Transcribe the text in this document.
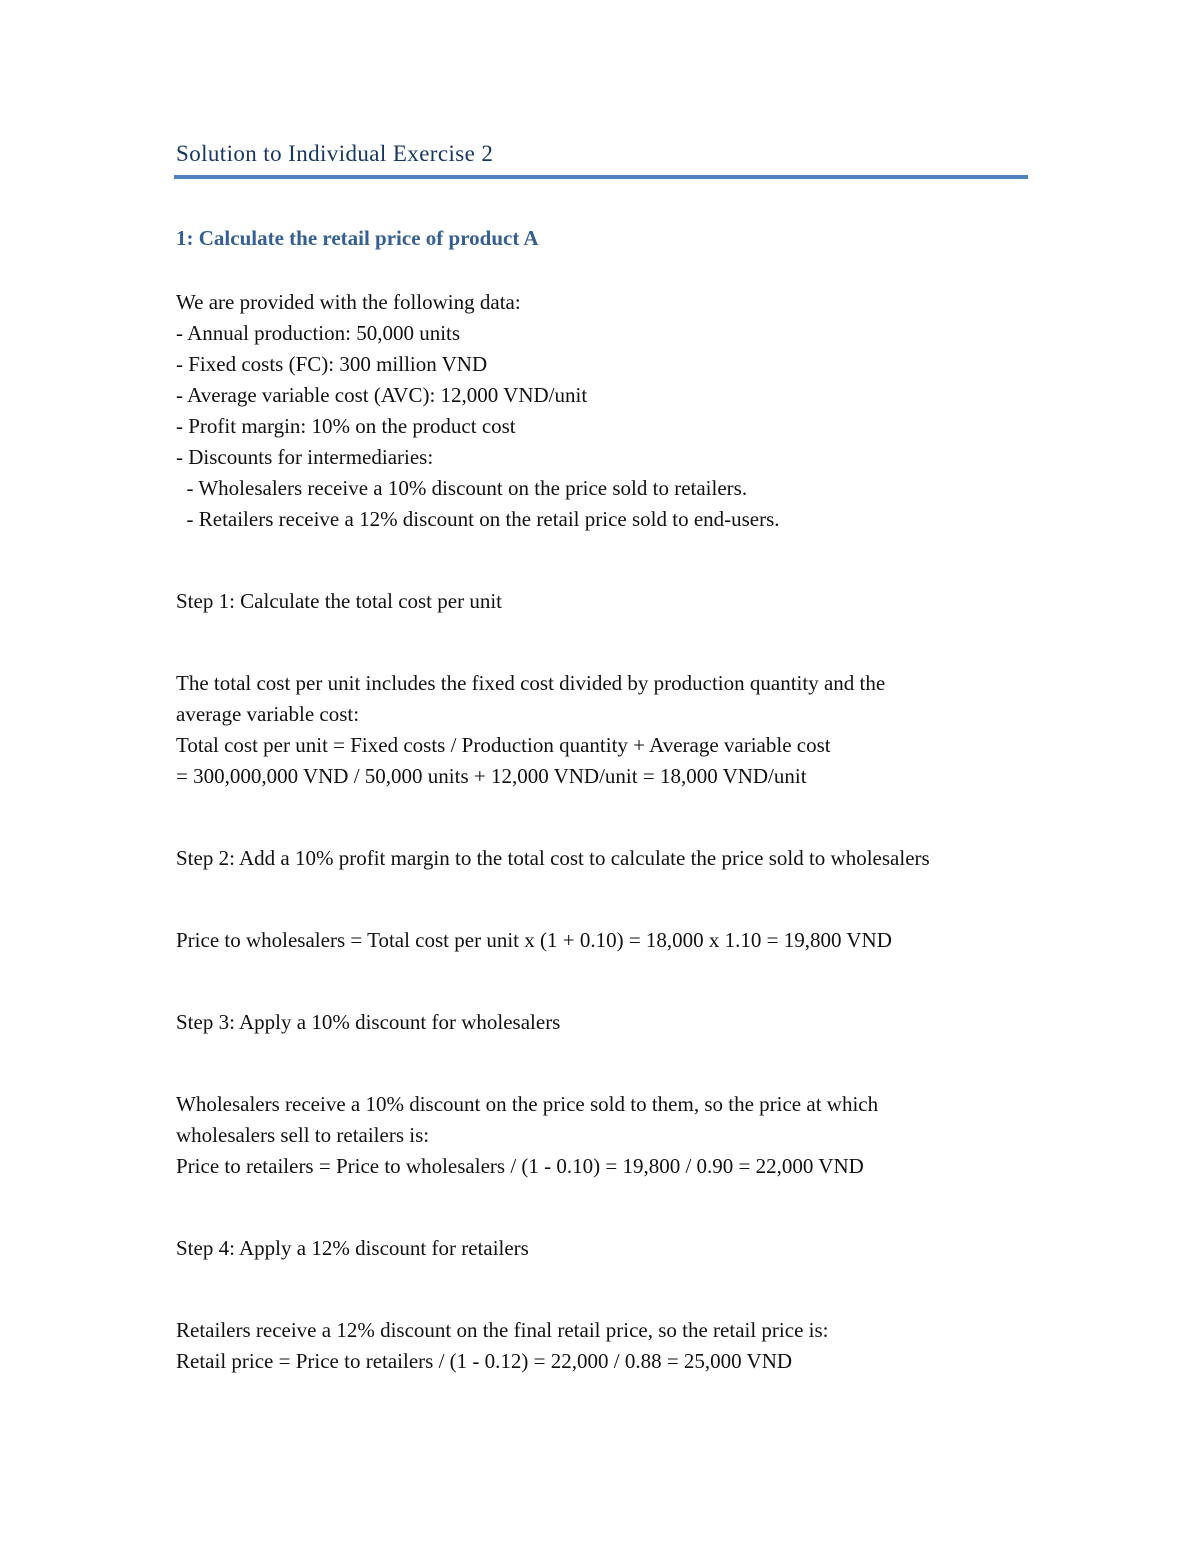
Solution to Individual Exercise 2
1: Calculate the retail price of product A
We are provided with the following data:
- Annual production: 50,000 units
- Fixed costs (FC): 300 million VND
- Average variable cost (AVC): 12,000 VND/unit
- Profit margin: 10% on the product cost
- Discounts for intermediaries:
- Wholesalers receive a 10% discount on the price sold to retailers.
- Retailers receive a 12% discount on the retail price sold to end-users.
Step 1: Calculate the total cost per unit
The total cost per unit includes the fixed cost divided by production quantity and the
average variable cost:
Total cost per unit = Fixed costs / Production quantity + Average variable cost
= 300,000,000 VND / 50,000 units + 12,000 VND/unit = 18,000 VND/unit
Step 2: Add a 10% profit margin to the total cost to calculate the price sold to wholesalers
Price to wholesalers = Total cost per unit x (1 + 0.10) = 18,000 x 1.10 = 19,800 VND
Step 3: Apply a 10% discount for wholesalers
Wholesalers receive a 10% discount on the price sold to them, so the price at which
wholesalers sell to retailers is:
Price to retailers = Price to wholesalers / (1 - 0.10) = 19,800 / 0.90 = 22,000 VND
Step 4: Apply a 12% discount for retailers
Retailers receive a 12% discount on the final retail price, so the retail price is:
Retail price = Price to retailers / (1 - 0.12) = 22,000 / 0.88 = 25,000 VND
